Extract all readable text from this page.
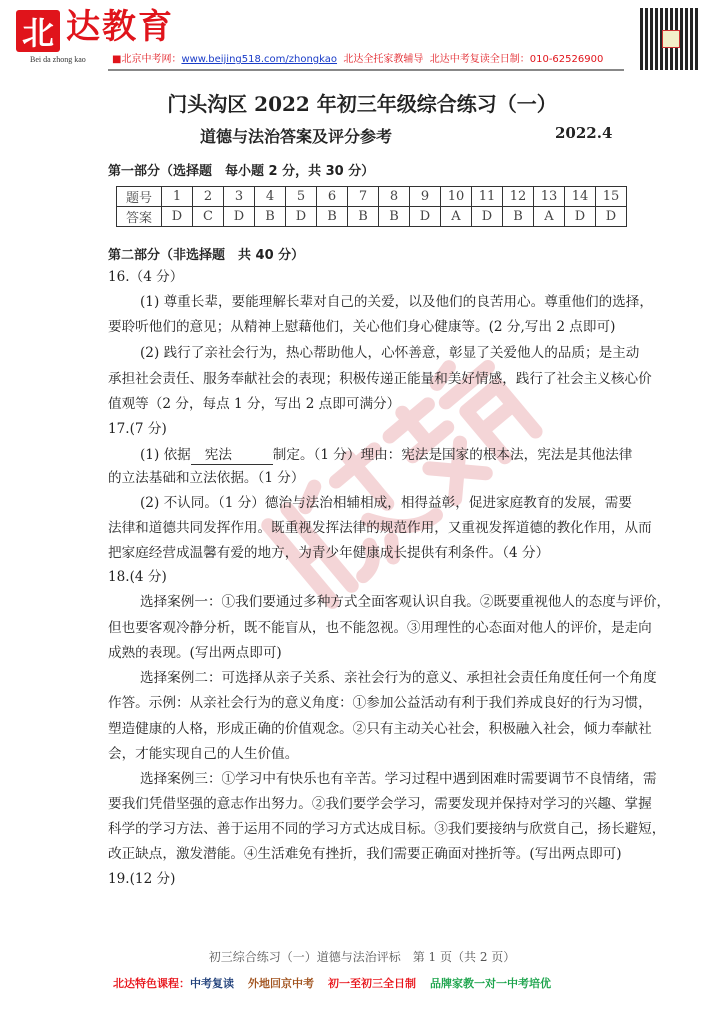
北 达教育
Bei da zhong kao	■北京中考网：www.beijing518.com/zhongkao 北达全托家教辅导 北达中考复读全日制：010-62526900
门头沟区 2022 年初三年级综合练习（一）
道德与法治答案及评分参考	2022.4
第一部分（选择题　每小题 2 分，共 30 分）
题号	1	2	3	4	5	6	7	8	9	10	11	12	13	14	15
答案	D	C	D	B	D	B	B	B	D	A	D	B	A	D	D
第二部分（非选择题　共 40 分）
16.（4 分）
(1) 尊重长辈，要能理解长辈对自己的关爱，以及他们的良苦用心。尊重他们的选择，
要聆听他们的意见；从精神上慰藉他们，关心他们身心健康等。(2 分,写出 2 点即可)
(2) 践行了亲社会行为，热心帮助他人，心怀善意，彰显了关爱他人的品质；是主动
承担社会责任、服务奉献社会的表现；积极传递正能量和美好情感，践行了社会主义核心价
值观等（2 分，每点 1 分，写出 2 点即可满分）
17.(7 分)
(1) 依据 宪法	制定。（1 分）理由：宪法是国家的根本法，宪法是其他法律
的立法基础和立法依据。（1 分）
(2) 不认同。（1 分）德治与法治相辅相成，相得益彰，促进家庭教育的发展，需要
法律和道德共同发挥作用。既重视发挥法律的规范作用，又重视发挥道德的教化作用，从而
把家庭经营成温馨有爱的地方，为青少年健康成长提供有利条件。（4 分）
18.(4 分)
选择案例一：①我们要通过多种方式全面客观认识自我。②既要重视他人的态度与评价，
但也要客观冷静分析，既不能盲从，也不能忽视。③用理性的心态面对他人的评价，是走向
成熟的表现。(写出两点即可)
选择案例二：可选择从亲子关系、亲社会行为的意义、承担社会责任角度任何一个角度
作答。示例：从亲社会行为的意义角度：①参加公益活动有利于我们养成良好的行为习惯，
塑造健康的人格，形成正确的价值观念。②只有主动关心社会，积极融入社会，倾力奉献社
会，才能实现自己的人生价值。
选择案例三：①学习中有快乐也有辛苦。学习过程中遇到困难时需要调节不良情绪，需
要我们凭借坚强的意志作出努力。②我们要学会学习，需要发现并保持对学习的兴趣、掌握
科学的学习方法、善于运用不同的学习方式达成目标。③我们要接纳与欣赏自己，扬长避短，
改正缺点，激发潜能。④生活难免有挫折，我们需要正确面对挫折等。(写出两点即可)
19.(12 分)
初三综合练习（一）道德与法治评标　第 1 页（共 2 页）
北达特色课程：中考复读 外地回京中考 初一至初三全日制 品牌家教一对一中考培优
